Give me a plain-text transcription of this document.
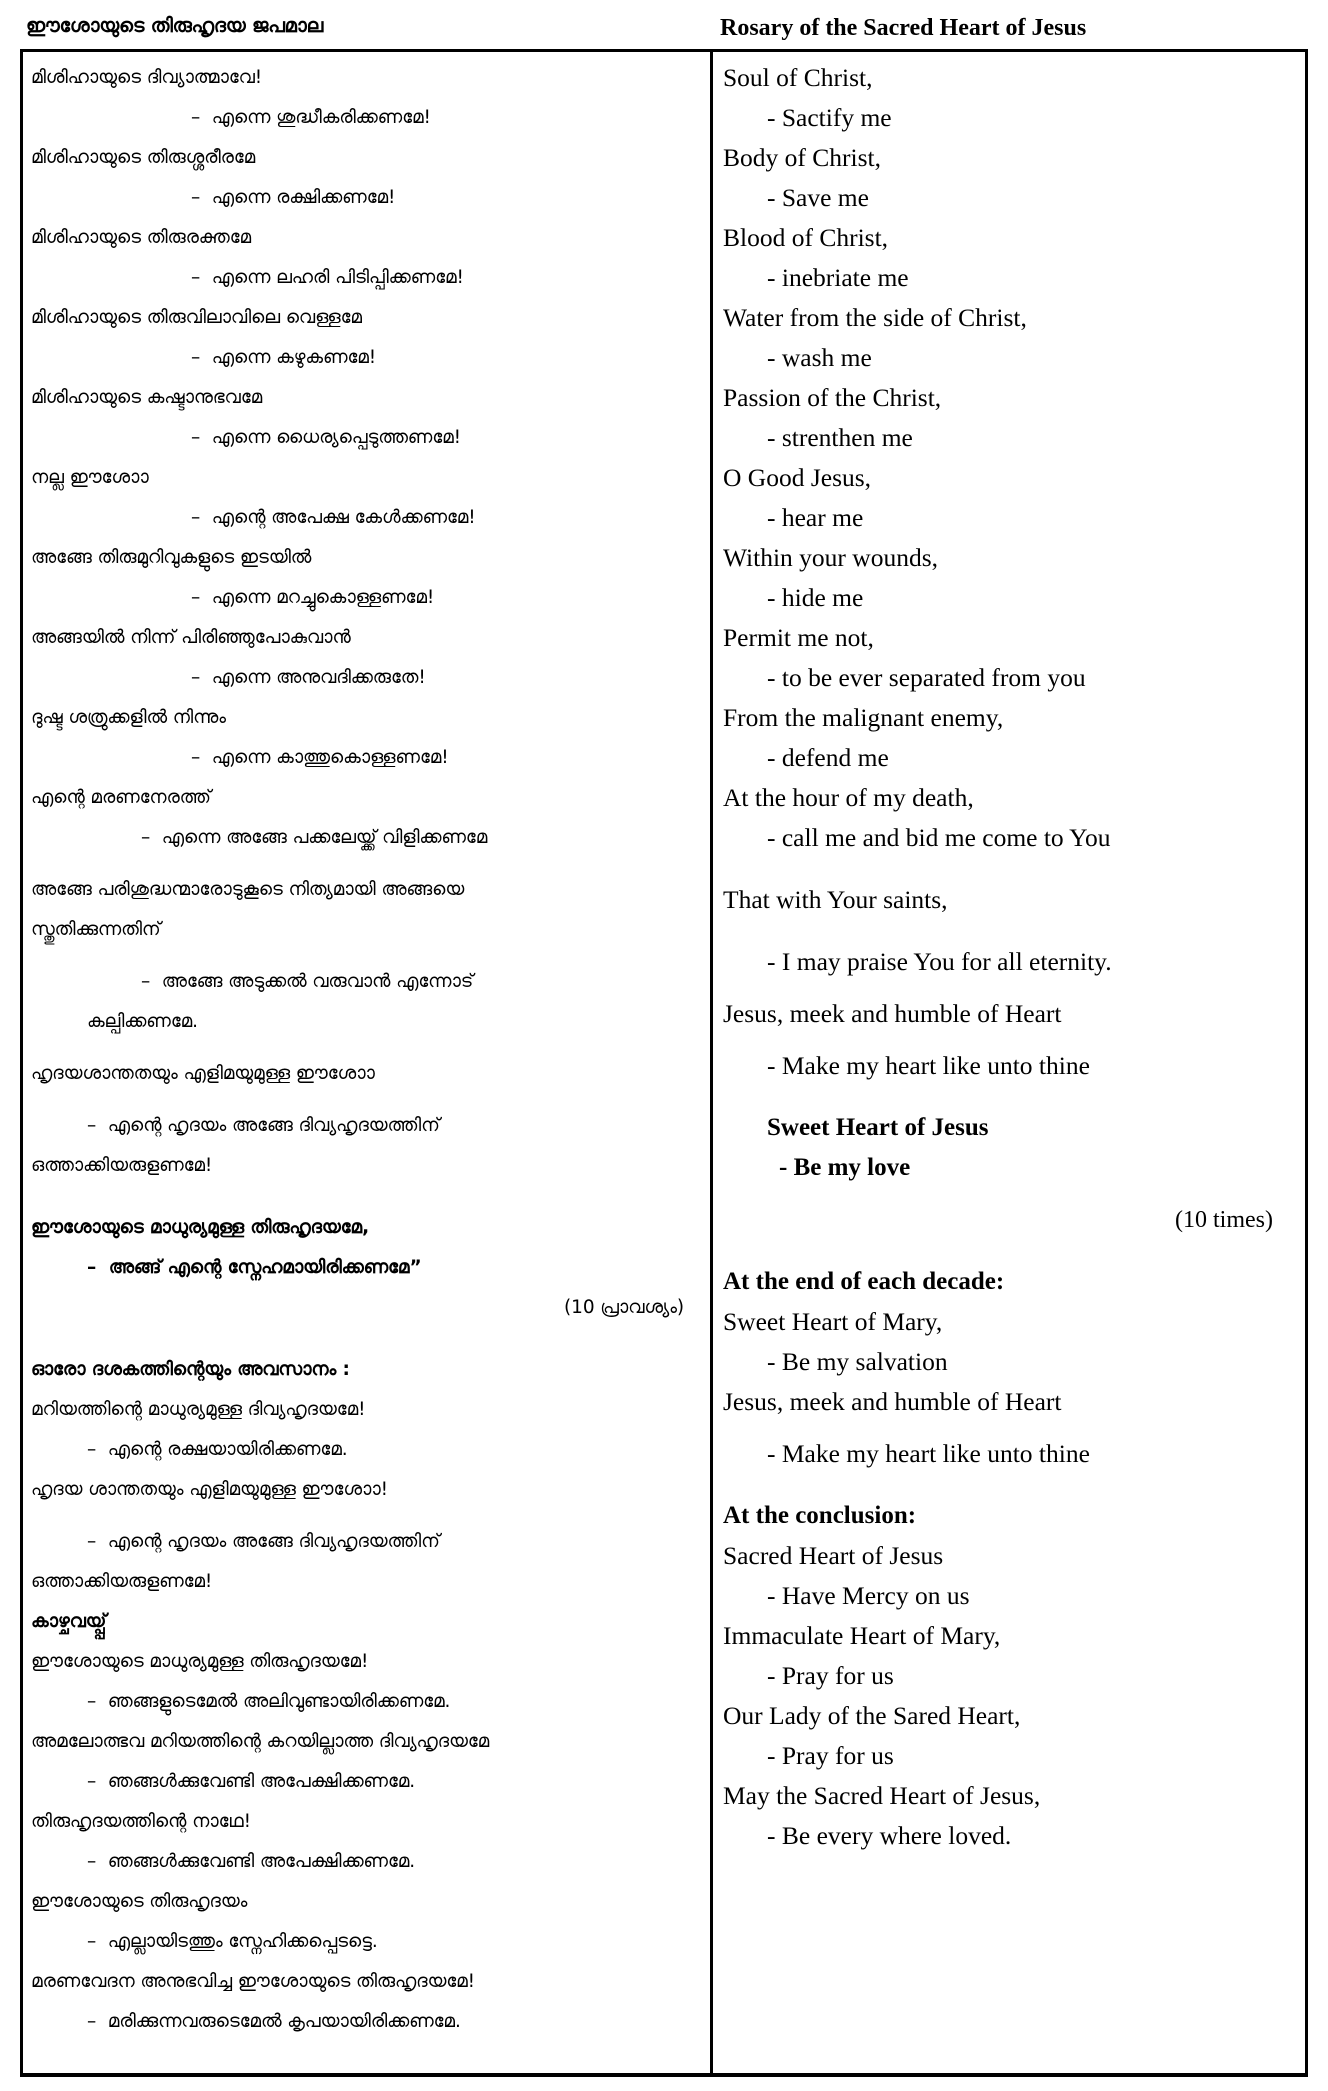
ഈശോയുടെ തിരുഹൃദയ ജപമാല	Rosary of the Sacred Heart of Jesus
മിശിഹായുടെ ദിവ്യാത്മാവേ!
–  എന്നെ ശുദ്ധീകരിക്കണമേ!
മിശിഹായുടെ തിരുശ്ശരീരമേ
–  എന്നെ രക്ഷിക്കണമേ!
മിശിഹായുടെ തിരുരക്തമേ
–  എന്നെ ലഹരി പിടിപ്പിക്കണമേ!
മിശിഹായുടെ തിരുവിലാവിലെ വെള്ളമേ
–  എന്നെ കഴുകണമേ!
മിശിഹായുടെ കഷ്ടാനുഭവമേ
–  എന്നെ ധൈര്യപ്പെടുത്തണമേ!
നല്ല ഈശോാ
–  എന്റെ അപേക്ഷ കേൾക്കണമേ!
അങ്ങേ തിരുമുറിവുകളുടെ ഇടയിൽ
–  എന്നെ മറച്ചുകൊള്ളണമേ!
അങ്ങയിൽ നിന്ന് പിരിഞ്ഞുപോകുവാൻ
–  എന്നെ അനുവദിക്കരുതേ!
ദുഷ്ട ശത്രുക്കളിൽ നിന്നും
–  എന്നെ കാത്തുകൊള്ളണമേ!
എന്റെ മരണനേരത്ത്
–  എന്നെ അങ്ങേ പക്കലേയ്ക്ക് വിളിക്കണമേ
അങ്ങേ പരിശുദ്ധന്മാരോടുകൂടെ നിത്യമായി അങ്ങയെ
സ്തുതിക്കുന്നതിന്
–  അങ്ങേ അടുക്കൽ വരുവാൻ എന്നോട്
കല്പിക്കണമേ.
ഹൃദയശാന്തതയും എളിമയുമുള്ള ഈശോാ
–  എന്റെ ഹൃദയം അങ്ങേ ദിവ്യഹൃദയത്തിന്
ഒത്താക്കിയരുളണമേ!
ഈശോയുടെ മാധുര്യമുള്ള തിരുഹൃദയമേ,
–  അങ്ങ് എന്റെ സ്നേഹമായിരിക്കണമേ”
(10 പ്രാവശ്യം)
ഓരോ ദശകത്തിന്റെയും അവസാനം :
മറിയത്തിന്റെ മാധുര്യമുള്ള ദിവ്യഹൃദയമേ!
–  എന്റെ രക്ഷയായിരിക്കണമേ.
ഹൃദയ ശാന്തതയും എളിമയുമുള്ള ഈശോാ!
–  എന്റെ ഹൃദയം അങ്ങേ ദിവ്യഹൃദയത്തിന്
ഒത്താക്കിയരുളണമേ!
കാഴ്ചവയ്പ്പ്
ഈശോയുടെ മാധുര്യമുള്ള തിരുഹൃദയമേ!
–  ഞങ്ങളുടെമേൽ അലിവുണ്ടായിരിക്കണമേ.
അമലോത്ഭവ മറിയത്തിന്റെ കറയില്ലാത്ത ദിവ്യഹൃദയമേ
–  ഞങ്ങൾക്കുവേണ്ടി അപേക്ഷിക്കണമേ.
തിരുഹൃദയത്തിന്റെ നാഥേ!
–  ഞങ്ങൾക്കുവേണ്ടി അപേക്ഷിക്കണമേ.
ഈശോയുടെ തിരുഹൃദയം
–  എല്ലായിടത്തും സ്നേഹിക്കപ്പെടട്ടെ.
മരണവേദന അനുഭവിച്ച ഈശോയുടെ തിരുഹൃദയമേ!
–  മരിക്കുന്നവരുടെമേൽ കൃപയായിരിക്കണമേ.
Soul of Christ,
- Sactify me
Body of Christ,
- Save me
Blood of Christ,
- inebriate me
Water from the side of Christ,
- wash me
Passion of the Christ,
- strenthen me
O Good Jesus,
- hear me
Within your wounds,
- hide me
Permit me not,
- to be ever separated from you
From the malignant enemy,
- defend me
At the hour of my death,
- call me and bid me come to You
That with Your saints,
- I may praise You for all eternity.
Jesus, meek and humble of Heart
- Make my heart like unto thine
Sweet Heart of Jesus
- Be my love
(10 times)
At the end of each decade:
Sweet Heart of Mary,
- Be my salvation
Jesus, meek and humble of Heart
- Make my heart like unto thine
At the conclusion:
Sacred Heart of Jesus
- Have Mercy on us
Immaculate Heart of Mary,
- Pray for us
Our Lady of the Sared Heart,
- Pray for us
May the Sacred Heart of Jesus,
- Be every where loved.
